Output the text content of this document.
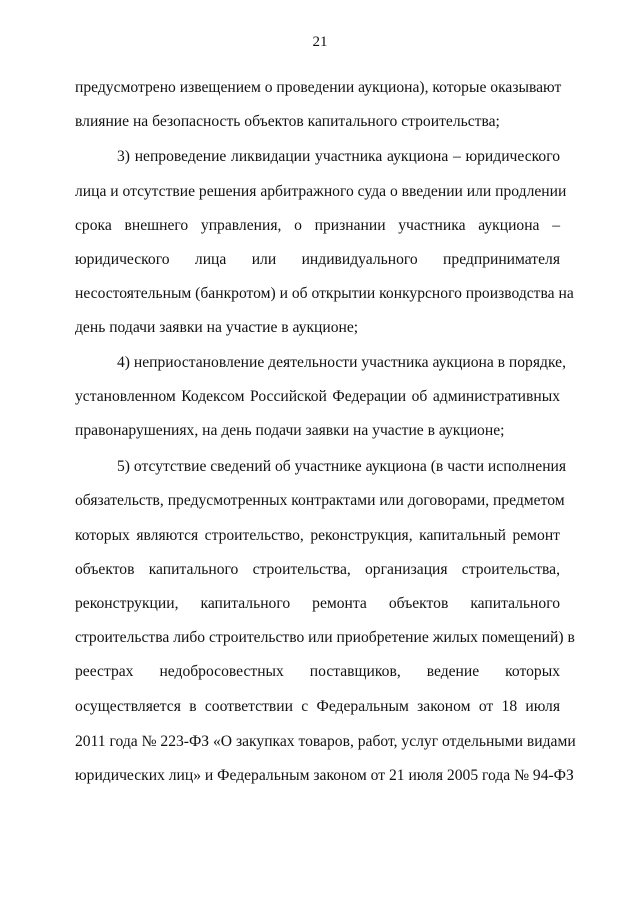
21
предусмотрено извещением о проведении аукциона), которые оказывают
влияние на безопасность объектов капитального строительства;
3) непроведение ликвидации участника аукциона – юридического
лица и отсутствие решения арбитражного суда о введении или продлении
срока внешнего управления, о признании участника аукциона –
юридического лица или индивидуального предпринимателя
несостоятельным (банкротом) и об открытии конкурсного производства на
день подачи заявки на участие в аукционе;
4) неприостановление деятельности участника аукциона в порядке,
установленном Кодексом Российской Федерации об административных
правонарушениях, на день подачи заявки на участие в аукционе;
5) отсутствие сведений об участнике аукциона (в части исполнения
обязательств, предусмотренных контрактами или договорами, предметом
которых являются строительство, реконструкция, капитальный ремонт
объектов капитального строительства, организация строительства,
реконструкции, капитального ремонта объектов капитального
строительства либо строительство или приобретение жилых помещений) в
реестрах недобросовестных поставщиков, ведение которых
осуществляется в соответствии с Федеральным законом от 18 июля
2011 года № 223-ФЗ «О закупках товаров, работ, услуг отдельными видами
юридических лиц» и Федеральным законом от 21 июля 2005 года № 94-ФЗ
